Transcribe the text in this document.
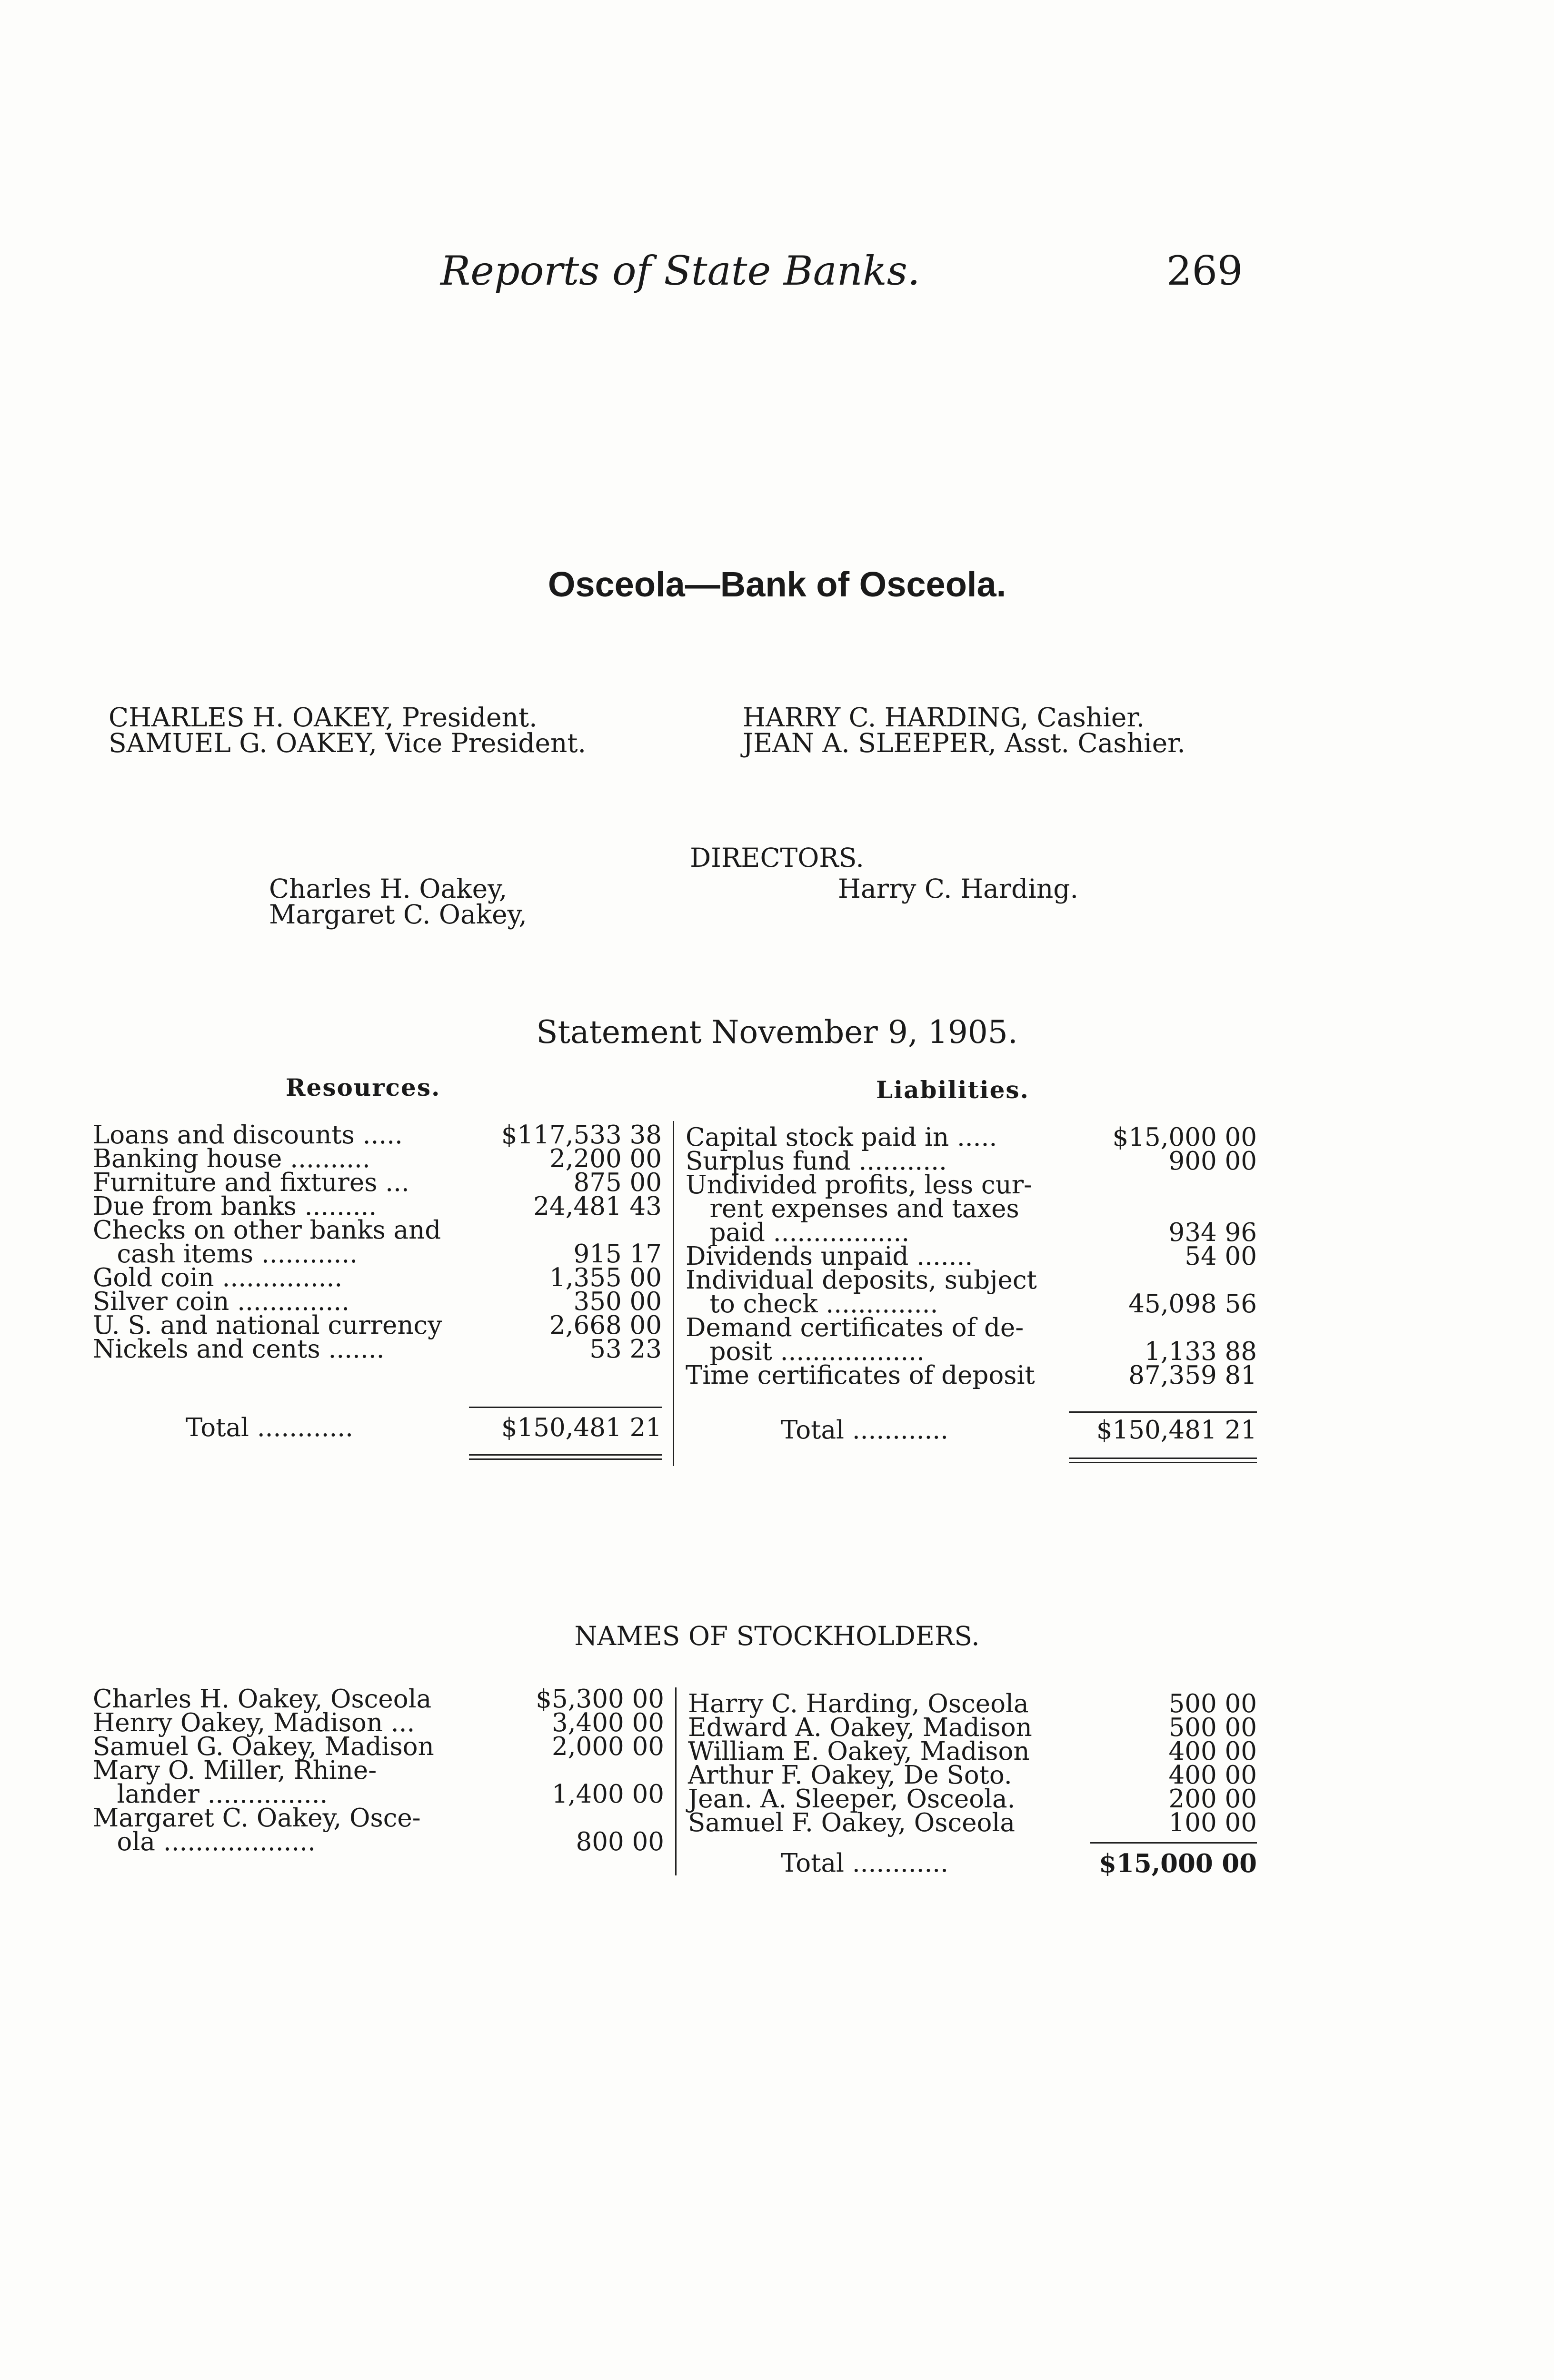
Reports of State Banks.	269
Osceola—Bank of Osceola.
CHARLES H. OAKEY, President.
SAMUEL G. OAKEY, Vice President.
HARRY C. HARDING, Cashier.
JEAN A. SLEEPER, Asst. Cashier.
DIRECTORS.
Charles H. Oakey,
Margaret C. Oakey,
Harry C. Harding.
Statement November 9, 1905.
Resources.	Liabilities.
Loans and discounts .....	$117,533 38
Banking house ..........	2,200 00
Furniture and fixtures ...	875 00
Due from banks .........	24,481 43
Checks on other banks and
cash items ............	915 17
Gold coin ...............	1,355 00
Silver coin ..............	350 00
U. S. and national currency	2,668 00
Nickels and cents .......	53 23
Total ............	$150,481 21
Capital stock paid in .....	$15,000 00
Surplus fund ...........	900 00
Undivided profits, less cur-
rent expenses and taxes
paid .................	934 96
Dividends unpaid .......	54 00
Individual deposits, subject
to check ..............	45,098 56
Demand certificates of de-
posit ..................	1,133 88
Time certificates of deposit	87,359 81
Total ............	$150,481 21
NAMES OF STOCKHOLDERS.
Charles H. Oakey, Osceola	$5,300 00
Henry Oakey, Madison ...	3,400 00
Samuel G. Oakey, Madison	2,000 00
Mary O. Miller, Rhine-
lander ...............	1,400 00
Margaret C. Oakey, Osce-
ola ...................	800 00
Harry C. Harding, Osceola	500 00
Edward A. Oakey, Madison	500 00
William E. Oakey, Madison	400 00
Arthur F. Oakey, De Soto.	400 00
Jean. A. Sleeper, Osceola.	200 00
Samuel F. Oakey, Osceola	100 00
Total ............	$15,000 00
